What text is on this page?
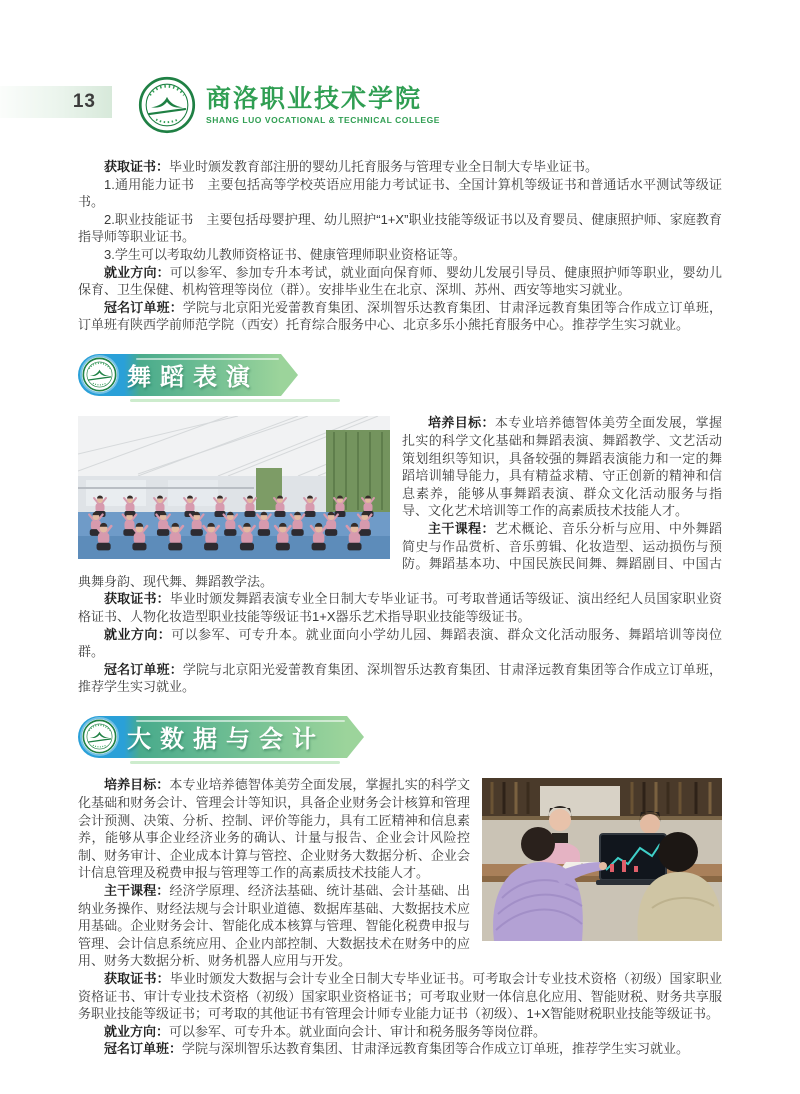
13	商洛职业技术学院
SHANG LUO VOCATIONAL & TECHNICAL COLLEGE

获取证书：毕业时颁发教育部注册的婴幼儿托育服务与管理专业全日制大专毕业证书。

1.通用能力证书　主要包括高等学校英语应用能力考试证书、全国计算机等级证书和普通话水平测试等级证书。

2.职业技能证书　主要包括母婴护理、幼儿照护“1+X”职业技能等级证书以及育婴员、健康照护师、家庭教育指导师等职业证书。

3.学生可以考取幼儿教师资格证书、健康管理师职业资格证等。

就业方向：可以参军、参加专升本考试，就业面向保育师、婴幼儿发展引导员、健康照护师等职业，婴幼儿保育、卫生保健、机构管理等岗位（群）。安排毕业生在北京、深圳、苏州、西安等地实习就业。

冠名订单班：学院与北京阳光爱蕾教育集团、深圳智乐达教育集团、甘肃泽远教育集团等合作成立订单班，订单班有陕西学前师范学院（西安）托育综合服务中心、北京多乐小熊托育服务中心。推荐学生实习就业。

舞蹈表演

培养目标：本专业培养德智体美劳全面发展，掌握扎实的科学文化基础和舞蹈表演、舞蹈教学、文艺活动策划组织等知识，具备较强的舞蹈表演能力和一定的舞蹈培训辅导能力，具有精益求精、守正创新的精神和信息素养，能够从事舞蹈表演、群众文化活动服务与指导、文化艺术培训等工作的高素质技术技能人才。

主干课程：艺术概论、音乐分析与应用、中外舞蹈简史与作品赏析、音乐剪辑、化妆造型、运动损伤与预防。舞蹈基本功、中国民族民间舞、舞蹈剧目、中国古典舞身韵、现代舞、舞蹈教学法。

获取证书：毕业时颁发舞蹈表演专业全日制大专毕业证书。可考取普通话等级证、演出经纪人员国家职业资格证书、人物化妆造型职业技能等级证书1+X器乐艺术指导职业技能等级证书。

就业方向：可以参军、可专升本。就业面向小学幼儿园、舞蹈表演、群众文化活动服务、舞蹈培训等岗位群。

冠名订单班：学院与北京阳光爱蕾教育集团、深圳智乐达教育集团、甘肃泽远教育集团等合作成立订单班，推荐学生实习就业。

大数据与会计

培养目标：本专业培养德智体美劳全面发展，掌握扎实的科学文化基础和财务会计、管理会计等知识，具备企业财务会计核算和管理会计预测、决策、分析、控制、评价等能力，具有工匠精神和信息素养，能够从事企业经济业务的确认、计量与报告、企业会计风险控制、财务审计、企业成本计算与管控、企业财务大数据分析、企业会计信息管理及税费申报与管理等工作的高素质技术技能人才。

主干课程：经济学原理、经济法基础、统计基础、会计基础、出纳业务操作、财经法规与会计职业道德、数据库基础、大数据技术应用基础。企业财务会计、智能化成本核算与管理、智能化税费申报与管理、会计信息系统应用、企业内部控制、大数据技术在财务中的应用、财务大数据分析、财务机器人应用与开发。

获取证书：毕业时颁发大数据与会计专业全日制大专毕业证书。可考取会计专业技术资格（初级）国家职业资格证书、审计专业技术资格（初级）国家职业资格证书；可考取业财一体信息化应用、智能财税、财务共享服务职业技能等级证书；可考取的其他证书有管理会计师专业能力证书（初级）、1+X智能财税职业技能等级证书。

就业方向：可以参军、可专升本。就业面向会计、审计和税务服务等岗位群。

冠名订单班：学院与深圳智乐达教育集团、甘肃泽远教育集团等合作成立订单班，推荐学生实习就业。
